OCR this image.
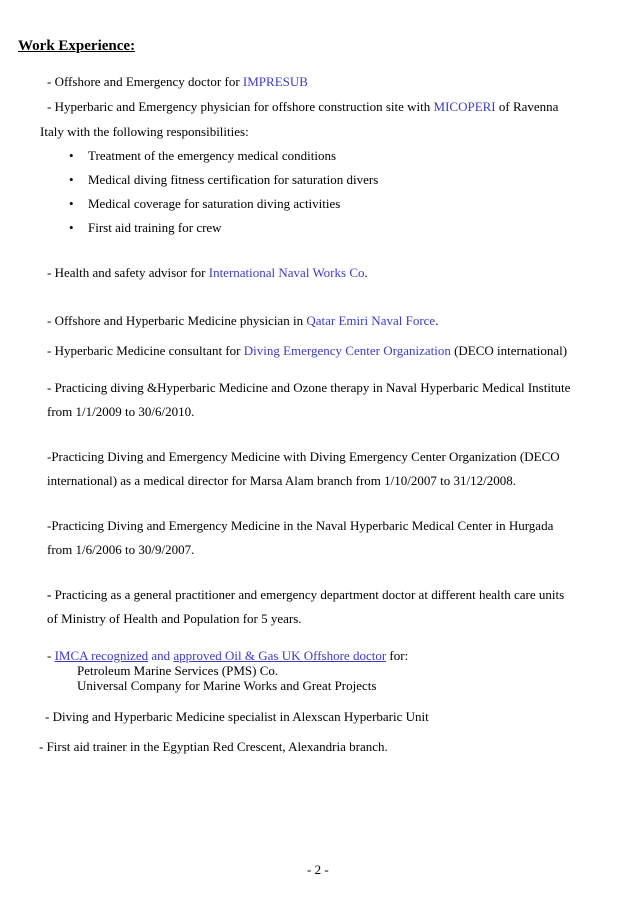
Work Experience:
- Offshore and Emergency doctor for IMPRESUB
- Hyperbaric and Emergency physician for offshore construction site with MICOPERI of Ravenna
Italy with the following responsibilities:
• Treatment of the emergency medical conditions
• Medical diving fitness certification for saturation divers
• Medical coverage for saturation diving activities
• First aid training for crew
- Health and safety advisor for International Naval Works Co.
- Offshore and Hyperbaric Medicine physician in Qatar Emiri Naval Force.
- Hyperbaric Medicine consultant for Diving Emergency Center Organization (DECO international)
- Practicing diving &Hyperbaric Medicine and Ozone therapy in Naval Hyperbaric Medical Institute
from 1/1/2009 to 30/6/2010.
-Practicing Diving and Emergency Medicine with Diving Emergency Center Organization (DECO
international) as a medical director for Marsa Alam branch from 1/10/2007 to 31/12/2008.
-Practicing Diving and Emergency Medicine in the Naval Hyperbaric Medical Center in Hurgada
from 1/6/2006 to 30/9/2007.
- Practicing as a general practitioner and emergency department doctor at different health care units
of Ministry of Health and Population for 5 years.
- IMCA recognized and approved Oil & Gas UK Offshore doctor for:
Petroleum Marine Services (PMS) Co.
Universal Company for Marine Works and Great Projects
- Diving and Hyperbaric Medicine specialist in Alexscan Hyperbaric Unit
- First aid trainer in the Egyptian Red Crescent, Alexandria branch.
- 2 -
